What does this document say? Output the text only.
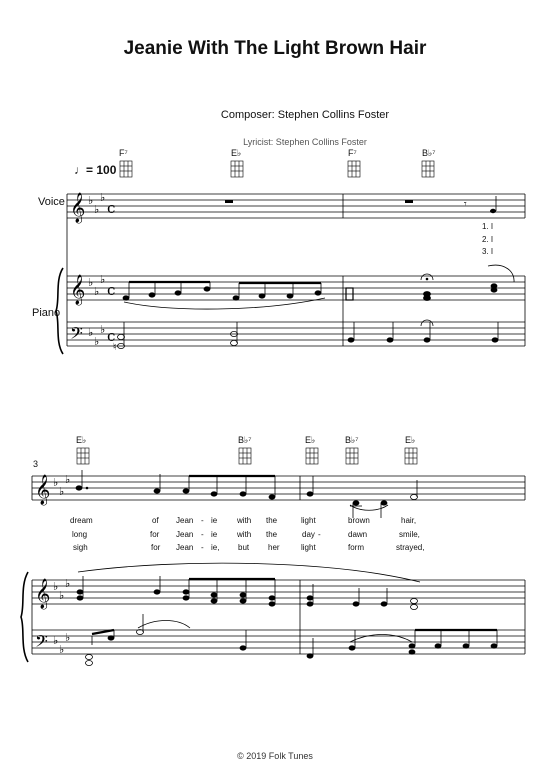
Jeanie With The Light Brown Hair
Composer: Stephen Collins Foster
Lyricist: Stephen Collins Foster
♩= 100
Voice
Piano
3
F⁷	E♭	F⁷	B♭⁷
E♭	B♭⁷	E♭	B♭⁷	E♭
1. I
2. I
3. I
dream	of Jean - ie with the	light	brown	hair,
long	for Jean - ie with the	day -	dawn	smile,
sigh	for Jean - ie, but her	light	form	strayed,
© 2019 Folk Tunes
𝄞
𝄞
𝄢
♭
♭
♭
♭
♭
♭
♭
♭
♭
c
c
c
𝄾
♮
𝄞
𝄞
𝄢
♭
♭
♭
♭
♭
♭
♭
♭
♭
